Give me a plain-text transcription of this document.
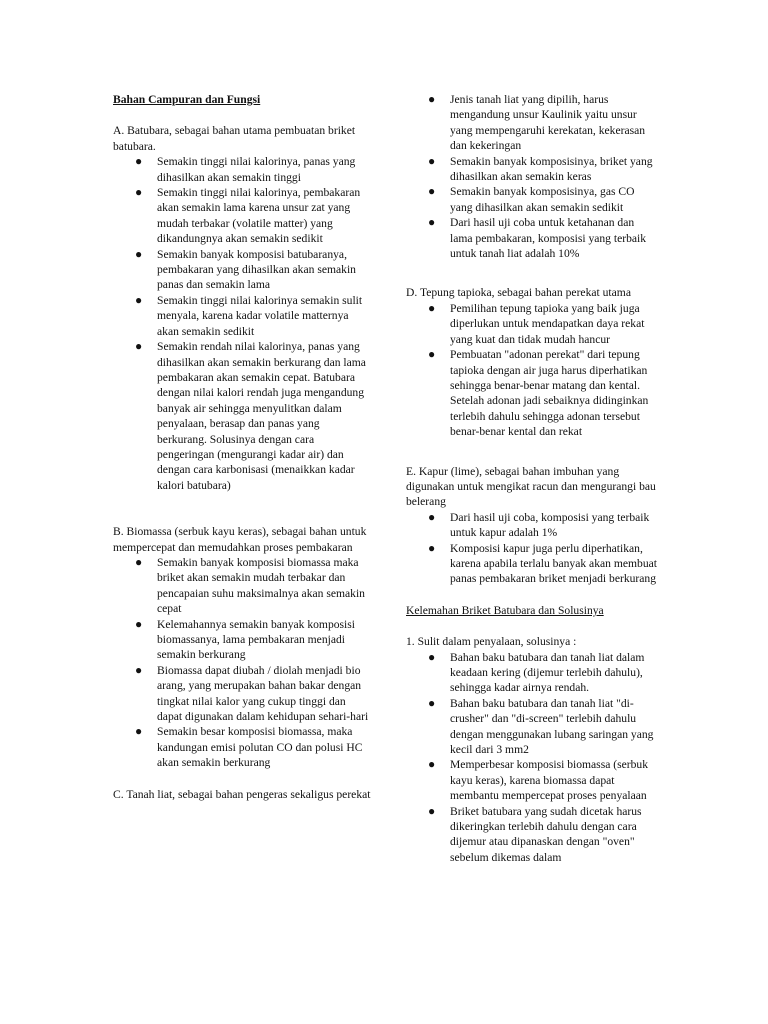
Bahan Campuran dan Fungsi

A. Batubara, sebagai bahan utama pembuatan briket batubara.

● Semakin tinggi nilai kalorinya, panas yang dihasilkan akan semakin tinggi
● Semakin tinggi nilai kalorinya, pembakaran akan semakin lama karena unsur zat yang mudah terbakar (volatile matter) yang dikandungnya akan semakin sedikit
● Semakin banyak komposisi batubaranya, pembakaran yang dihasilkan akan semakin panas dan semakin lama
● Semakin tinggi nilai kalorinya semakin sulit menyala, karena kadar volatile matternya akan semakin sedikit
● Semakin rendah nilai kalorinya, panas yang dihasilkan akan semakin berkurang dan lama pembakaran akan semakin cepat. Batubara dengan nilai kalori rendah juga mengandung banyak air sehingga menyulitkan dalam penyalaan, berasap dan panas yang berkurang. Solusinya dengan cara pengeringan (mengurangi kadar air) dan dengan cara karbonisasi (menaikkan kadar kalori batubara)

B. Biomassa (serbuk kayu keras), sebagai bahan untuk mempercepat dan memudahkan proses pembakaran

● Semakin banyak komposisi biomassa maka briket akan semakin mudah terbakar dan pencapaian suhu maksimalnya akan semakin cepat
● Kelemahannya semakin banyak komposisi biomassanya, lama pembakaran menjadi semakin berkurang
● Biomassa dapat diubah / diolah menjadi bio arang, yang merupakan bahan bakar dengan tingkat nilai kalor yang cukup tinggi dan dapat digunakan dalam kehidupan sehari-hari
● Semakin besar komposisi biomassa, maka kandungan emisi polutan CO dan polusi HC akan semakin berkurang

C. Tanah liat, sebagai bahan pengeras sekaligus perekat

● Jenis tanah liat yang dipilih, harus mengandung unsur Kaulinik yaitu unsur yang mempengaruhi kerekatan, kekerasan dan kekeringan
● Semakin banyak komposisinya, briket yang dihasilkan akan semakin keras
● Semakin banyak komposisinya, gas CO yang dihasilkan akan semakin sedikit
● Dari hasil uji coba untuk ketahanan dan lama pembakaran, komposisi yang terbaik untuk tanah liat adalah 10%

D. Tepung tapioka, sebagai bahan perekat utama

● Pemilihan tepung tapioka yang baik juga diperlukan untuk mendapatkan daya rekat yang kuat dan tidak mudah hancur
● Pembuatan "adonan perekat" dari tepung tapioka dengan air juga harus diperhatikan sehingga benar-benar matang dan kental. Setelah adonan jadi sebaiknya didinginkan terlebih dahulu sehingga adonan tersebut benar-benar kental dan rekat

E. Kapur (lime), sebagai bahan imbuhan yang digunakan untuk mengikat racun dan mengurangi bau belerang

● Dari hasil uji coba, komposisi yang terbaik untuk kapur adalah 1%
● Komposisi kapur juga perlu diperhatikan, karena apabila terlalu banyak akan membuat panas pembakaran briket menjadi berkurang

Kelemahan Briket Batubara dan Solusinya

1. Sulit dalam penyalaan, solusinya :

● Bahan baku batubara dan tanah liat dalam keadaan kering (dijemur terlebih dahulu), sehingga kadar airnya rendah.
● Bahan baku batubara dan tanah liat "di-crusher" dan "di-screen" terlebih dahulu dengan menggunakan lubang saringan yang kecil dari 3 mm2
● Memperbesar komposisi biomassa (serbuk kayu keras), karena biomassa dapat membantu mempercepat proses penyalaan
● Briket batubara yang sudah dicetak harus dikeringkan terlebih dahulu dengan cara dijemur atau dipanaskan dengan "oven" sebelum dikemas dalam
